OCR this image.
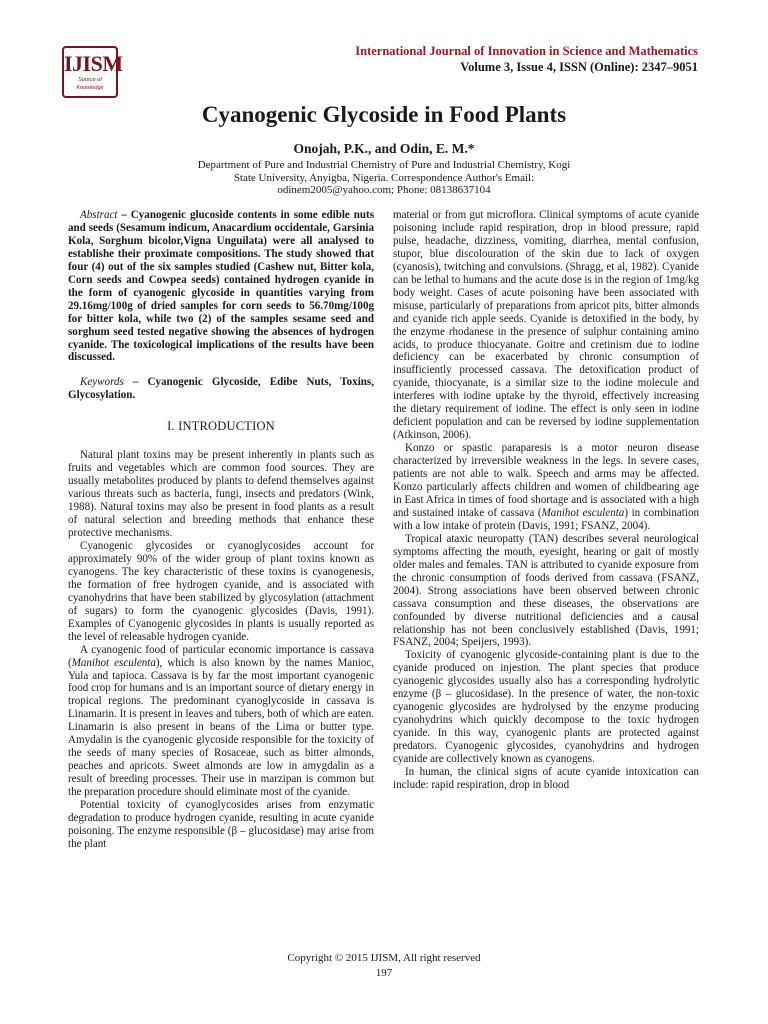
IJISM
Source of Knowledge

International Journal of Innovation in Science and Mathematics

Volume 3, Issue 4, ISSN (Online): 2347–9051

Cyanogenic Glycoside in Food Plants

Onojah, P.K., and Odin, E. M.*

Department of Pure and Industrial Chemistry of Pure and Industrial Chemistry, Kogi
State University, Anyigba, Nigeria. Correspondence Author's Email:
odinem2005@yahoo.com; Phone: 08138637104

Abstract – Cyanogenic glucoside contents in some edible nuts and seeds (Sesamum indicum, Anacardium occidentale, Garsinia Kola, Sorghum bicolor,Vigna Unguilata) were all analysed to establishe their proximate compositions. The study showed that four (4) out of the six samples studied (Cashew nut, Bitter kola, Corn seeds and Cowpea seeds) contained hydrogen cyanide in the form of cyanogenic glycoside in quantities varying from 29.16mg/100g of dried samples for corn seeds to 56.70mg/100g for bitter kola, while two (2) of the samples sesame seed and sorghum seed tested negative showing the absences of hydrogen cyanide. The toxicological implications of the results have been discussed.

Keywords – Cyanogenic Glycoside, Edibe Nuts, Toxins, Glycosylation.

I. INTRODUCTION

Natural plant toxins may be present inherently in plants such as fruits and vegetables which are common food sources. They are usually metabolites produced by plants to defend themselves against various threats such as bacteria, fungi, insects and predators (Wink, 1988). Natural toxins may also be present in food plants as a result of natural selection and breeding methods that enhance these protective mechanisms.

Cyanogenic glycosides or cyanoglycosides account for approximately 90% of the wider group of plant toxins known as cyanogens. The key characteristic of these toxins is cyanogenesis, the formation of free hydrogen cyanide, and is associated with cyanohydrins that have been stabilized by glycosylation (attachment of sugars) to form the cyanogenic glycosides (Davis, 1991). Examples of Cyanogenic glycosides in plants is usually reported as the level of releasable hydrogen cyanide.

A cyanogenic food of particular economic importance is cassava (Manihot esculenta), which is also known by the names Manioc, Yula and tapioca. Cassava is by far the most important cyanogenic food crop for humans and is an important source of dietary energy in tropical regions. The predominant cyanoglycoside in cassava is Linamarin. It is present in leaves and tubers, both of which are eaten. Linamarin is also present in beans of the Lima or butter type. Amydalin is the cyanogenic glycoside responsible for the toxicity of the seeds of many species of Rosaceae, such as bitter almonds, peaches and apricots. Sweet almonds are low in amygdalin as a result of breeding processes. Their use in marzipan is common but the preparation procedure should eliminate most of the cyanide.

Potential toxicity of cyanoglycosides arises from enzymatic degradation to produce hydrogen cyanide, resulting in acute cyanide poisoning. The enzyme responsible (β – glucosidase) may arise from the plant

material or from gut microflora. Clinical symptoms of acute cyanide poisoning include rapid respiration, drop in blood pressure, rapid pulse, headache, dizziness, vomiting, diarrhea, mental confusion, stupor, blue discolouration of the skin due to lack of oxygen (cyanosis), twitching and convulsions. (Shragg, et al, 1982). Cyanide can be lethal to humans and the acute dose is in the region of 1mg/kg body weight. Cases of acute poisoning have been associated with misuse, particularly of preparations from apricot pits, bitter almonds and cyanide rich apple seeds. Cyanide is detoxified in the body, by the enzyme rhodanese in the presence of sulphur containing amino acids, to produce thiocyanate. Goitre and cretinism due to iodine deficiency can be exacerbated by chronic consumption of insufficiently processed cassava. The detoxification product of cyanide, thiocyanate, is a similar size to the iodine molecule and interferes with iodine uptake by the thyroid, effectively increasing the dietary requirement of iodine. The effect is only seen in iodine deficient population and can be reversed by iodine supplementation (Atkinson, 2006).

Konzo or spastic paraparesis is a motor neuron disease characterized by irreversible weakness in the legs. In severe cases, patients are not able to walk. Speech and arms may be affected. Konzo particularly affects children and women of childbearing age in East Africa in times of food shortage and is associated with a high and sustained intake of cassava (Manihot esculenta) in combination with a low intake of protein (Davis, 1991; FSANZ, 2004).

Tropical ataxic neuropatty (TAN) describes several neurological symptoms affecting the mouth, eyesight, hearing or gait of mostly older males and females. TAN is attributed to cyanide exposure from the chronic consumption of foods derived from cassava (FSANZ, 2004). Strong associations have been observed between chronic cassava consumption and these diseases, the observations are confounded by diverse nutritional deficiencies and a causal relationship has not been conclusively established (Davis, 1991; FSANZ, 2004; Speijers, 1993).

Toxicity of cyanogenic glycoside-containing plant is due to the cyanide produced on injestion. The plant species that produce cyanogenic glycosides usually also has a corresponding hydrolytic enzyme (β – glucosidase). In the presence of water, the non-toxic cyanogenic glycosides are hydrolysed by the enzyme producing cyanohydrins which quickly decompose to the toxic hydrogen cyanide. In this way, cyanogenic plants are protected against predators. Cyanogenic glycosides, cyanohydrins and hydrogen cyanide are collectively known as cyanogens.

In human, the clinical signs of acute cyanide intoxication can include: rapid respiration, drop in blood

Copyright © 2015 IJISM, All right reserved

197
